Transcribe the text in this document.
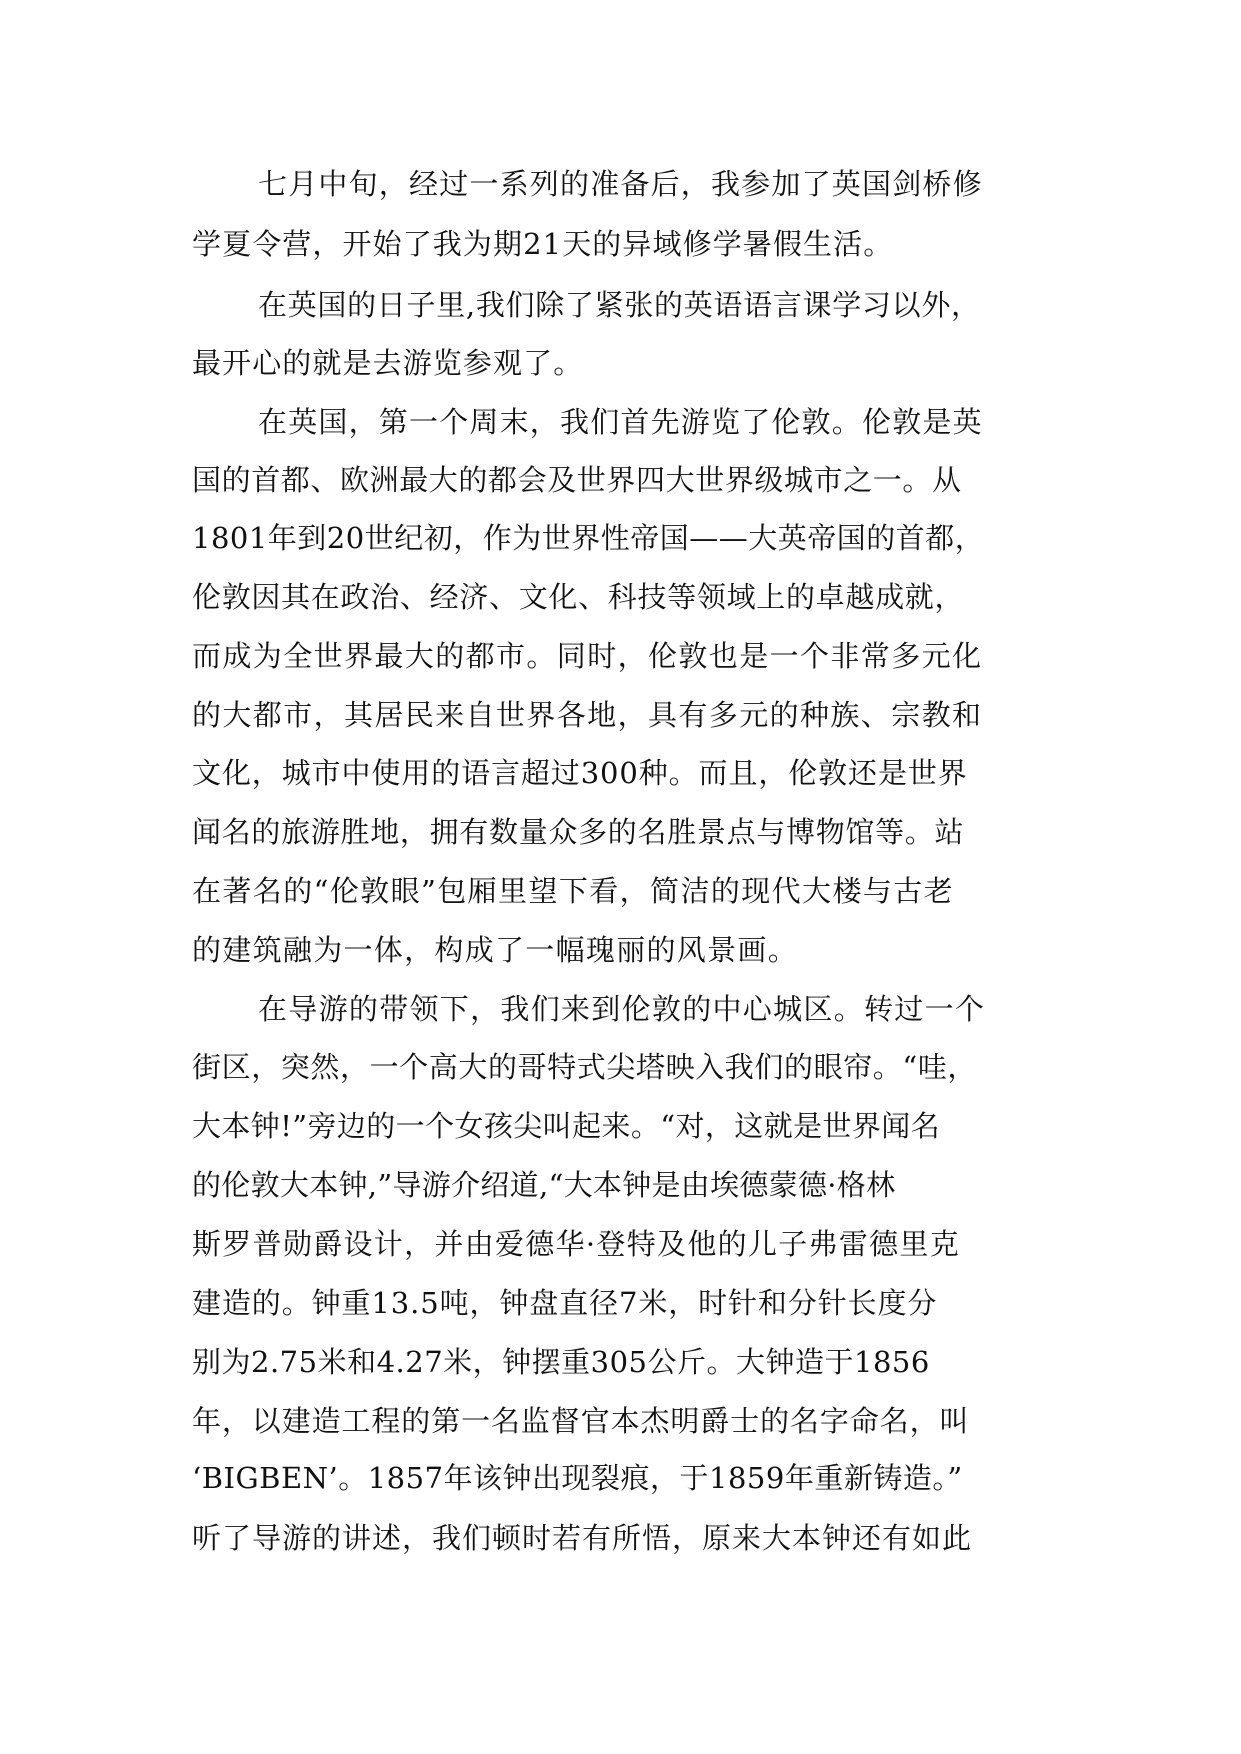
七月中旬，经过一系列的准备后，我参加了英国剑桥修
学夏令营，开始了我为期21天的异域修学暑假生活。
在英国的日子里,我们除了紧张的英语语言课学习以外，
最开心的就是去游览参观了。
在英国，第一个周末，我们首先游览了伦敦。伦敦是英
国的首都、欧洲最大的都会及世界四大世界级城市之一。从
1801年到20世纪初，作为世界性帝国——大英帝国的首都，
伦敦因其在政治、经济、文化、科技等领域上的卓越成就，
而成为全世界最大的都市。同时，伦敦也是一个非常多元化
的大都市，其居民来自世界各地，具有多元的种族、宗教和
文化，城市中使用的语言超过300种。而且，伦敦还是世界
闻名的旅游胜地，拥有数量众多的名胜景点与博物馆等。站
在著名的“伦敦眼”包厢里望下看，简洁的现代大楼与古老
的建筑融为一体，构成了一幅瑰丽的风景画。
在导游的带领下，我们来到伦敦的中心城区。转过一个
街区，突然，一个高大的哥特式尖塔映入我们的眼帘。“哇，
大本钟!”旁边的一个女孩尖叫起来。“对，这就是世界闻名
的伦敦大本钟,”导游介绍道,“大本钟是由埃德蒙德·格林
斯罗普勋爵设计，并由爱德华·登特及他的儿子弗雷德里克
建造的。钟重13.5吨，钟盘直径7米，时针和分针长度分
别为2.75米和4.27米，钟摆重305公斤。大钟造于1856
年，以建造工程的第一名监督官本杰明爵士的名字命名，叫
‘BIGBEN’。1857年该钟出现裂痕，于1859年重新铸造。”
听了导游的讲述，我们顿时若有所悟，原来大本钟还有如此
